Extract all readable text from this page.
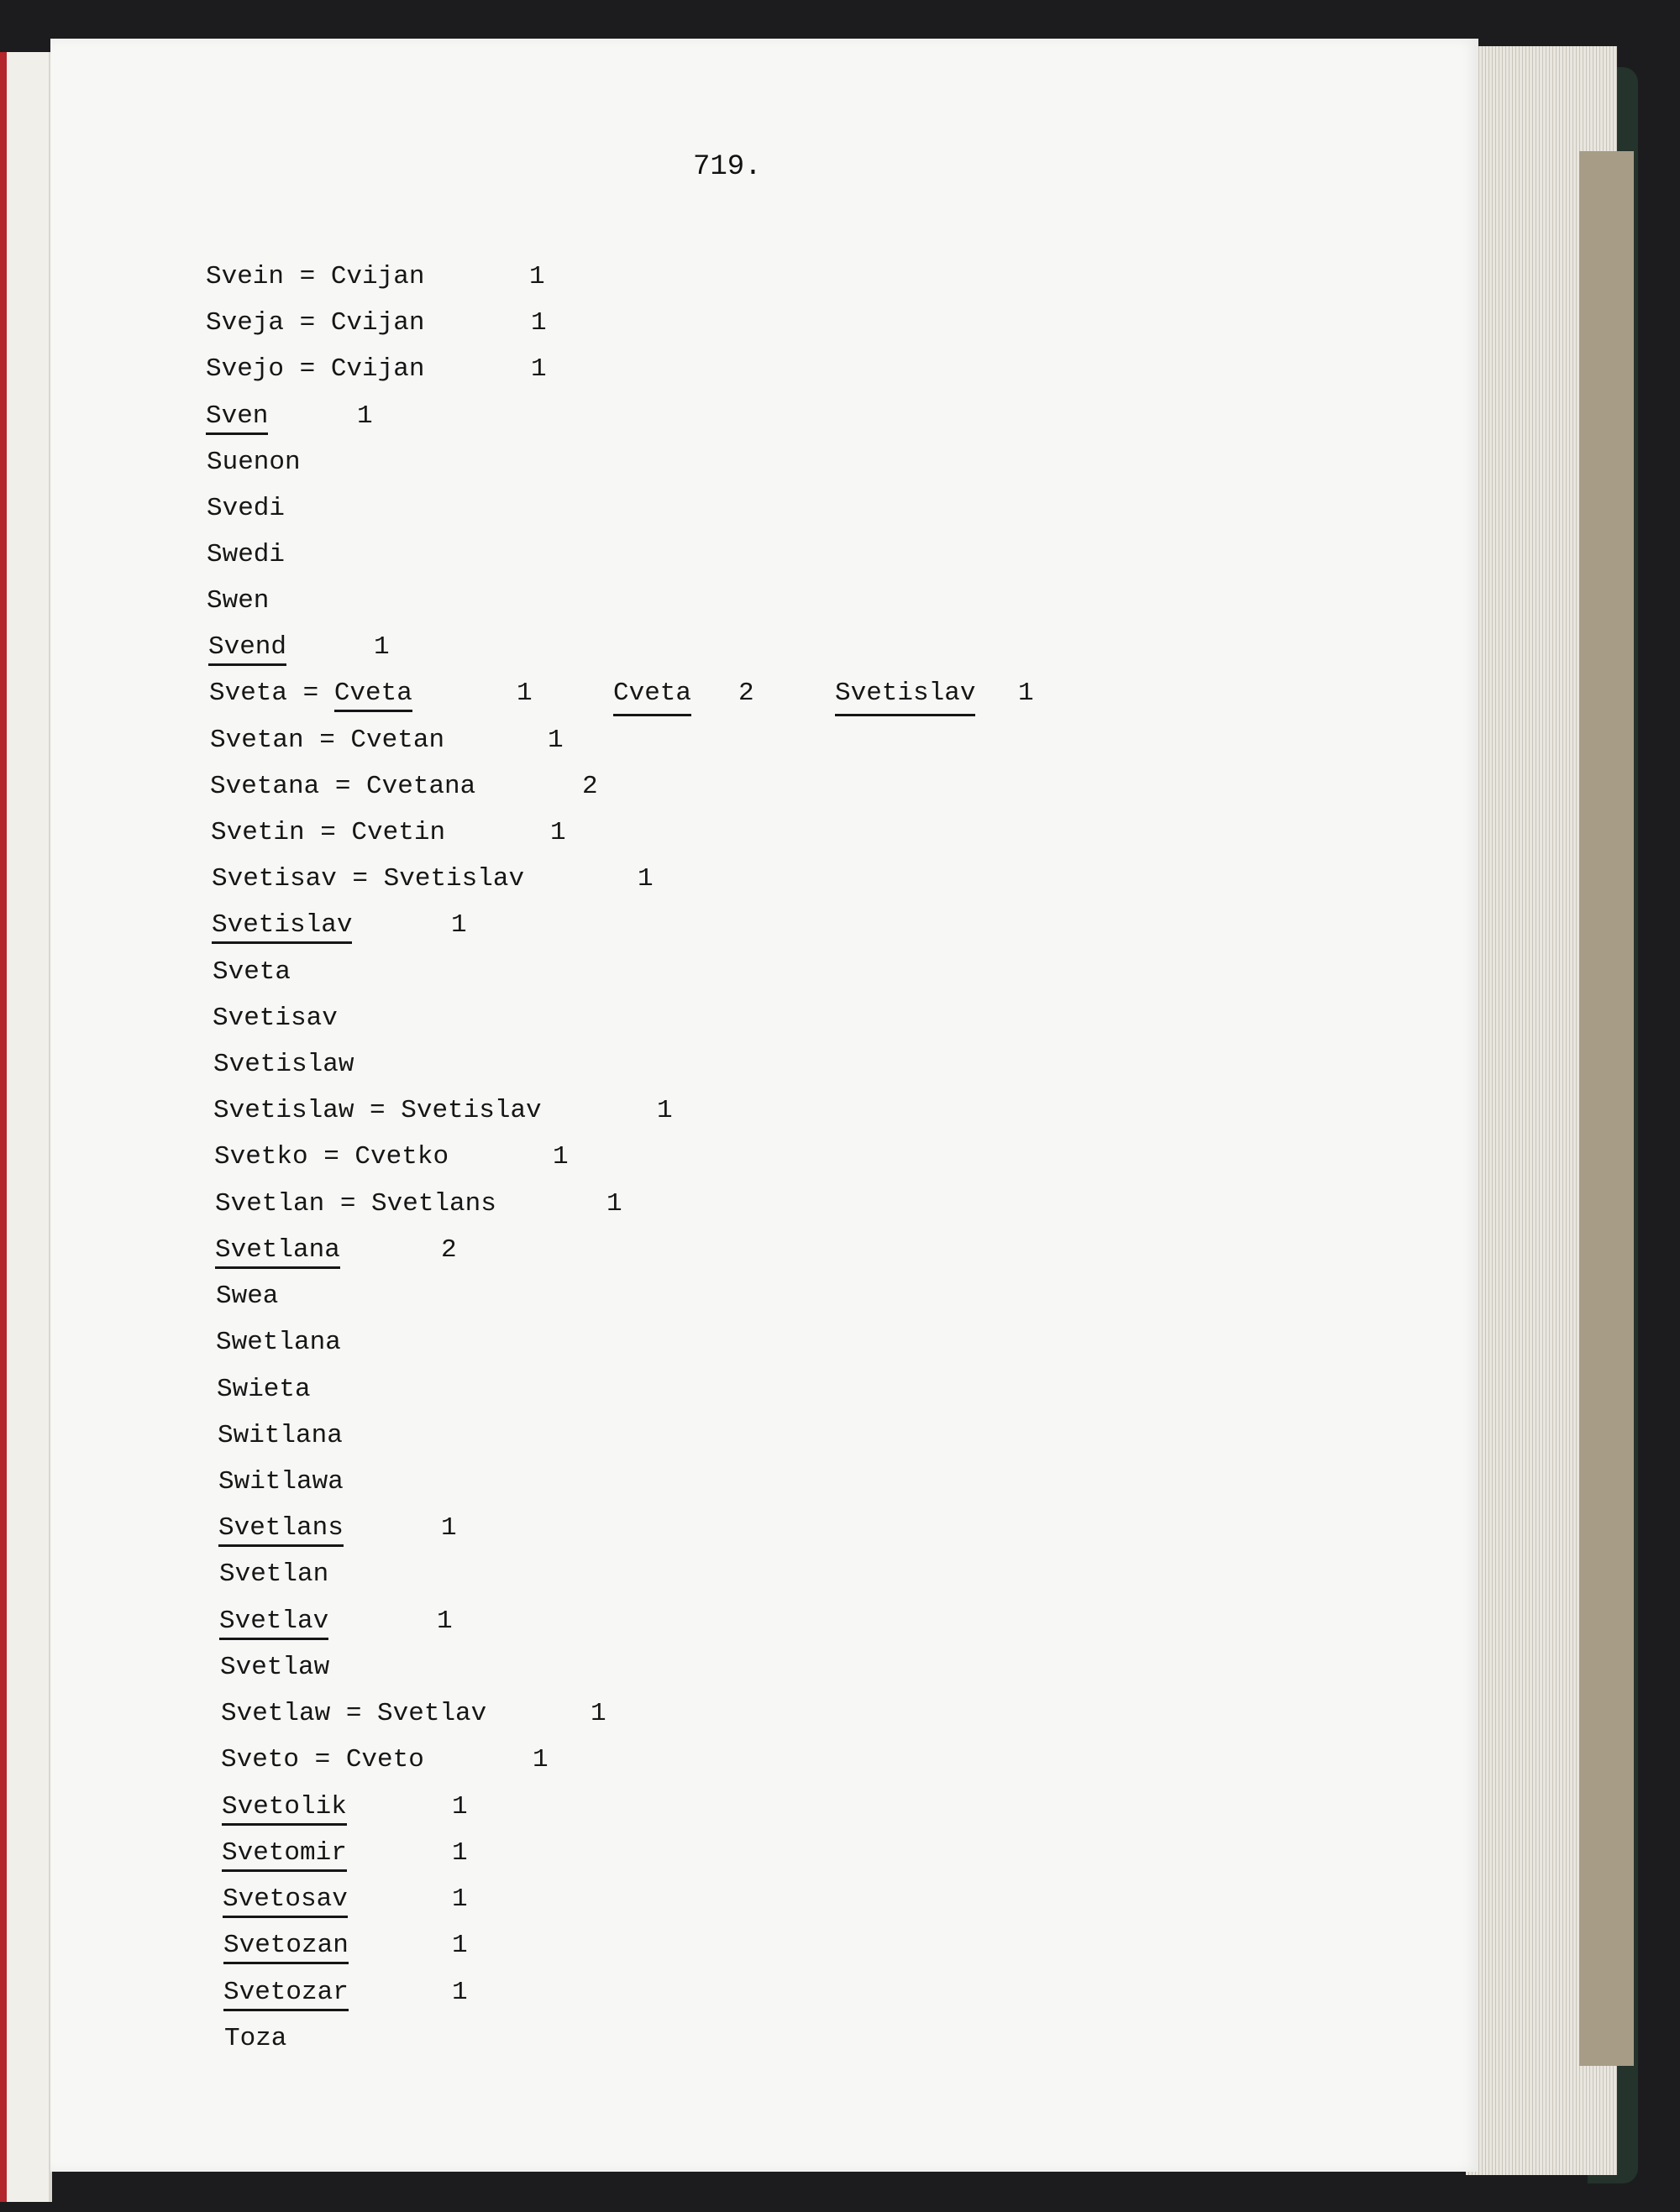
719.
Svein = Cvijan	1
Sveja = Cvijan	1
Svejo = Cvijan	1
Sven	1
Suenon
Svedi
Swedi
Swen
Svend	1
Sveta = Cveta	1	Cveta 2	Svetislav 1
Svetan = Cvetan	1
Svetana = Cvetana	2
Svetin = Cvetin	1
Svetisav = Svetislav	1
Svetislav	1
Sveta
Svetisav
Svetislaw
Svetislaw = Svetislav	1
Svetko = Cvetko	1
Svetlan = Svetlans	1
Svetlana	2
Swea
Swetlana
Swieta
Switlana
Switlawa
Svetlans	1
Svetlan
Svetlav	1
Svetlaw
Svetlaw = Svetlav	1
Sveto = Cveto	1
Svetolik	1
Svetomir	1
Svetosav	1
Svetozan	1
Svetozar	1
Toza
